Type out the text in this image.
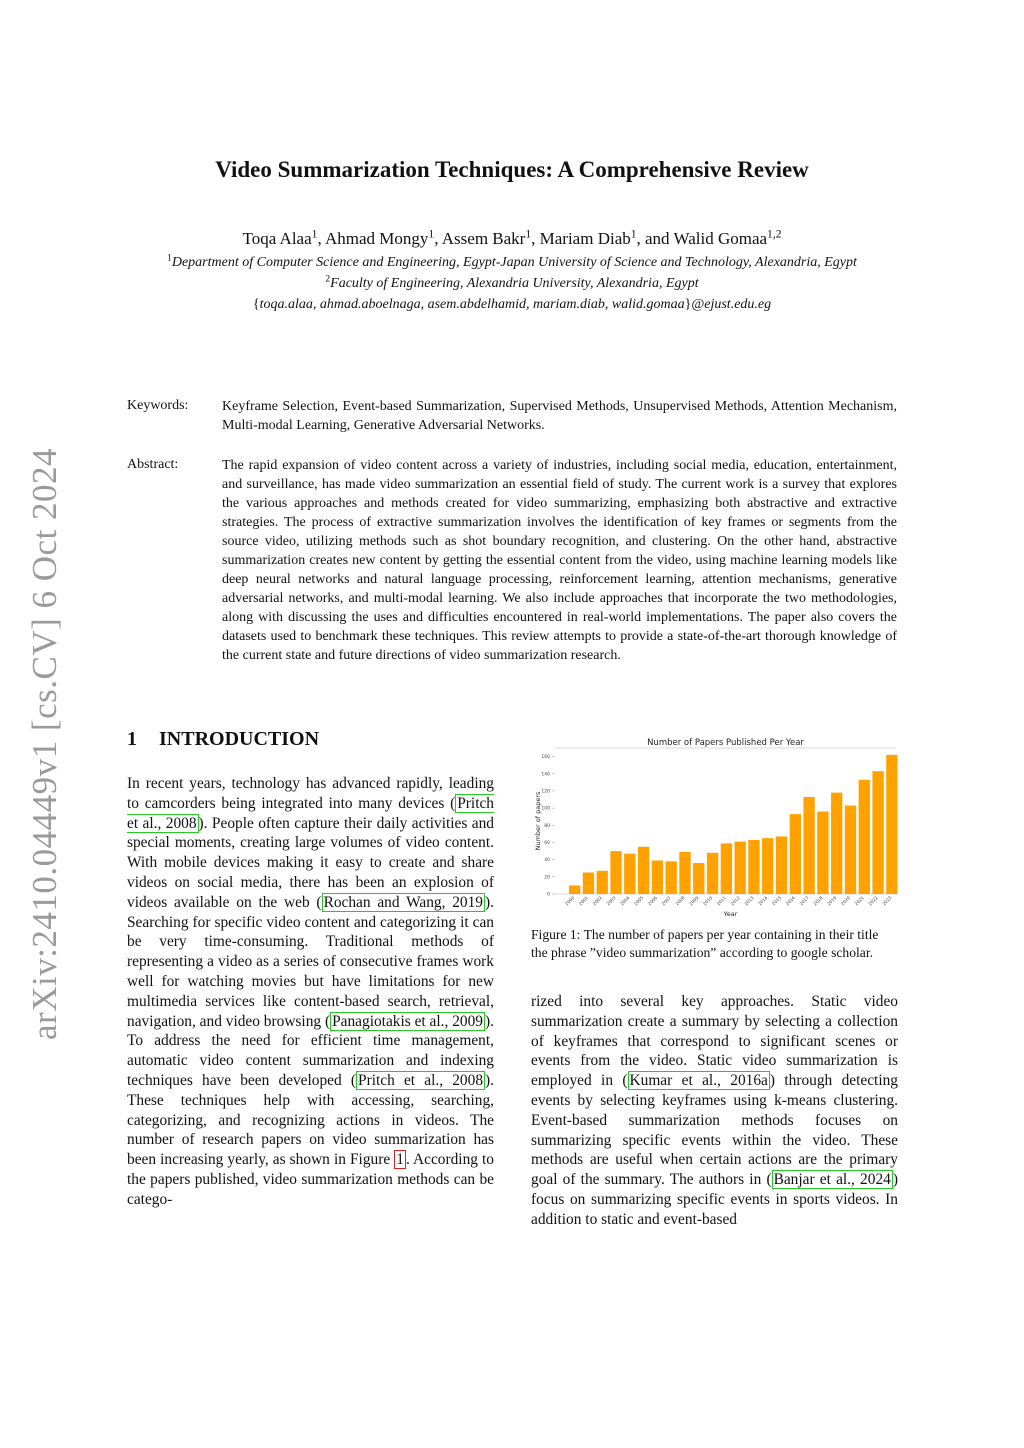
arXiv:2410.04449v1 [cs.CV] 6 Oct 2024
Video Summarization Techniques: A Comprehensive Review
Toqa Alaa$^1$, Ahmad Mongy$^1$, Assem Bakr$^1$, Mariam Diab$^1$, and Walid Gomaa$^{1,2}$
$^1$Department of Computer Science and Engineering, Egypt-Japan University of Science and Technology, Alexandria, Egypt
$^2$Faculty of Engineering, Alexandria University, Alexandria, Egypt
{toqa.alaa, ahmad.aboelnaga, asem.abdelhamid, mariam.diab, walid.gomaa}@ejust.edu.eg
Keywords: Keyframe Selection, Event-based Summarization, Supervised Methods, Unsupervised Methods, Attention Mechanism, Multi-modal Learning, Generative Adversarial Networks.
Abstract:	The rapid expansion of video content across a variety of industries, including social media, education, entertainment, and surveillance, has made video summarization an essential field of study. The current work is a survey that explores the various approaches and methods created for video summarizing, emphasizing both abstractive and extractive strategies. The process of extractive summarization involves the identification of key frames or segments from the source video, utilizing methods such as shot boundary recognition, and clustering. On the other hand, abstractive summarization creates new content by getting the essential content from the video, using machine learning models like deep neural networks and natural language processing, reinforcement learning, attention mechanisms, generative adversarial networks, and multi-modal learning. We also include approaches that incorporate the two methodologies, along with discussing the uses and difficulties encountered in real-world implementations. The paper also covers the datasets used to benchmark these techniques. This review attempts to provide a state-of-the-art thorough knowledge of the current state and future directions of video summarization research.
1 INTRODUCTION
In recent years, technology has advanced rapidly, leading to camcorders being integrated into many devices ( Pritch et al., 2008 ). People often capture their daily activities and special moments, creating large volumes of video content. With mobile devices making it easy to create and share videos on social media, there has been an explosion of videos available on the web ( Rochan and Wang, 2019 ). Searching for specific video content and categorizing it can be very time-consuming. Traditional methods of representing a video as a series of consecutive frames work well for watching movies but have limitations for new multimedia services like content-based search, retrieval, navigation, and video browsing ( Panagiotakis et al., 2009 ). To address the need for efficient time management, automatic video content summarization and indexing techniques have been developed ( Pritch et al., 2008 ). These techniques help with accessing, searching, categorizing, and recognizing actions in videos. The number of research papers on video summarization has been increasing yearly, as shown in Figure 1 . According to the papers published, video summarization methods can be catego-
Number of Papers Published Per Year
0
20
40
60
80
100
120
140
160
2000 2001 2002 2003 2004 2005 2006 2007 2008 2009 2010 2011 2012 2013 2014 2015 2016 2017 2018 2019 2020 2021 2022 2023
Year
Number of papers
Figure 1: The number of papers per year containing in their title the phrase ”video summarization” according to google scholar.
rized into several key approaches. Static video summarization create a summary by selecting a collection of keyframes that correspond to significant scenes or events from the video. Static video summarization is employed in ( Kumar et al., 2016a ) through detecting events by selecting keyframes using k-means clustering. Event-based summarization methods focuses on summarizing specific events within the video. These methods are useful when certain actions are the primary goal of the summary. The authors in ( Banjar et al., 2024 ) focus on summarizing specific events in sports videos. In addition to static and event-based
